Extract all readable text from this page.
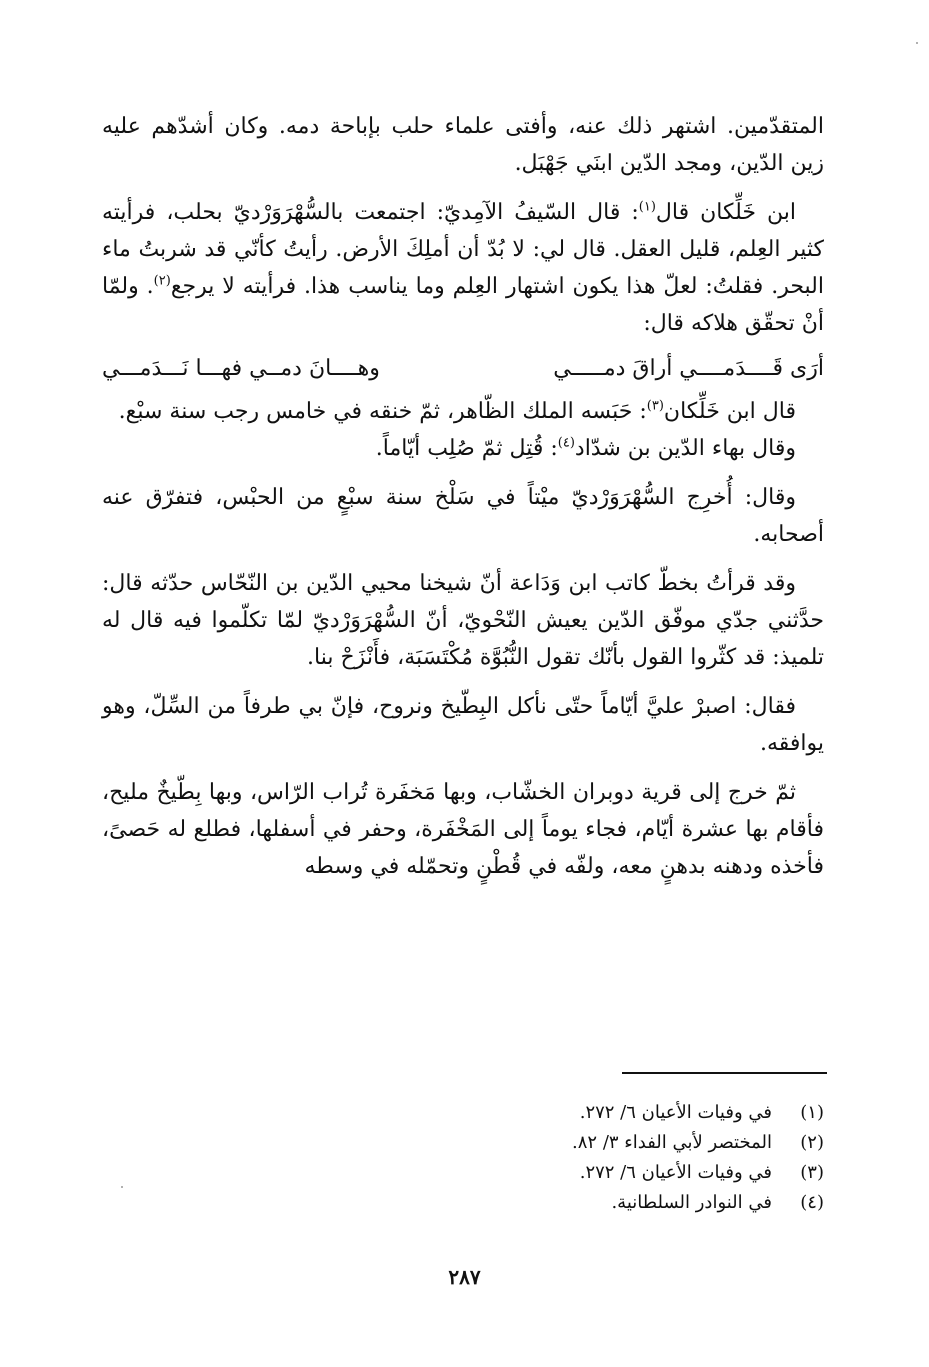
المتقدّمين. اشتهر ذلك عنه، وأفتى علماء حلب بإباحة دمه. وكان أشدّهم عليه زين الدّين، ومجد الدّين ابنَي جَهْبَل.

ابن خَلِّكان قال$^{(١)}$: قال السّيفُ الآمِديّ: اجتمعت بالسُّهْرَوَرْديّ بحلب، فرأيته كثير العِلم، قليل العقل. قال لي: لا بُدّ أن أملِكَ الأرض. رأيتُ كأنّي قد شربتُ ماء البحر. فقلتُ: لعلّ هذا يكون اشتهار العِلم وما يناسب هذا. فرأيته لا يرجع$^{(٢)}$. ولمّا أنْ تحقّق هلاكه قال:

أرَى قَــــدَمــــي أراقَ دمـــــي
وهــــانَ دمــي فهـــا نَـــدَمـــي

قال ابن خَلِّكان$^{(٣)}$: حَبَسه الملك الظّاهر، ثمّ خنقه في خامس رجب سنة سبْع.

وقال بهاء الدّين بن شدّاد$^{(٤)}$: قُتِل ثمّ صُلِب أيّاماً.

وقال: أُخرِج السُّهْرَوَرْديّ ميْتاً في سَلْخ سنة سبْعٍ من الحبْس، فتفرّق عنه أصحابه.

وقد قرأتُ بخطّ كاتب ابن وَدَاعة أنّ شيخنا محيي الدّين بن النّحّاس حدّثه قال: حدَّثني جدّي موفّق الدّين يعيش النّحْويّ، أنّ السُّهْرَوَرْديّ لمّا تكلّموا فيه قال له تلميذ: قد كثّروا القول بأنّك تقول النُّبُوَّة مُكْتَسَبَة، فأَنْزَحْ بنا.

فقال: اصبرْ عليَّ أيّاماً حتّى نأكل البِطّيخ ونروح، فإنّ بي طرفاً من السِّلّ، وهو يوافقه.

ثمّ خرج إلى قرية دوبران الخشّاب، وبها مَخفَرة تُراب الرّاس، وبها بِطّيخٌ مليح، فأقام بها عشرة أيّام، فجاء يوماً إلى المَخْفَرة، وحفر في أسفلها، فطلع له حَصىً، فأخذه ودهنه بدهنٍ معه، ولفّه في قُطْنٍ وتحمّله في وسطه

(١)
في وفيات الأعيان ٦/ ٢٧٢.
(٢)
المختصر لأبي الفداء ٣/ ٨٢.
(٣)
في وفيات الأعيان ٦/ ٢٧٢.
(٤)
في النوادر السلطانية.
٢٨٧
